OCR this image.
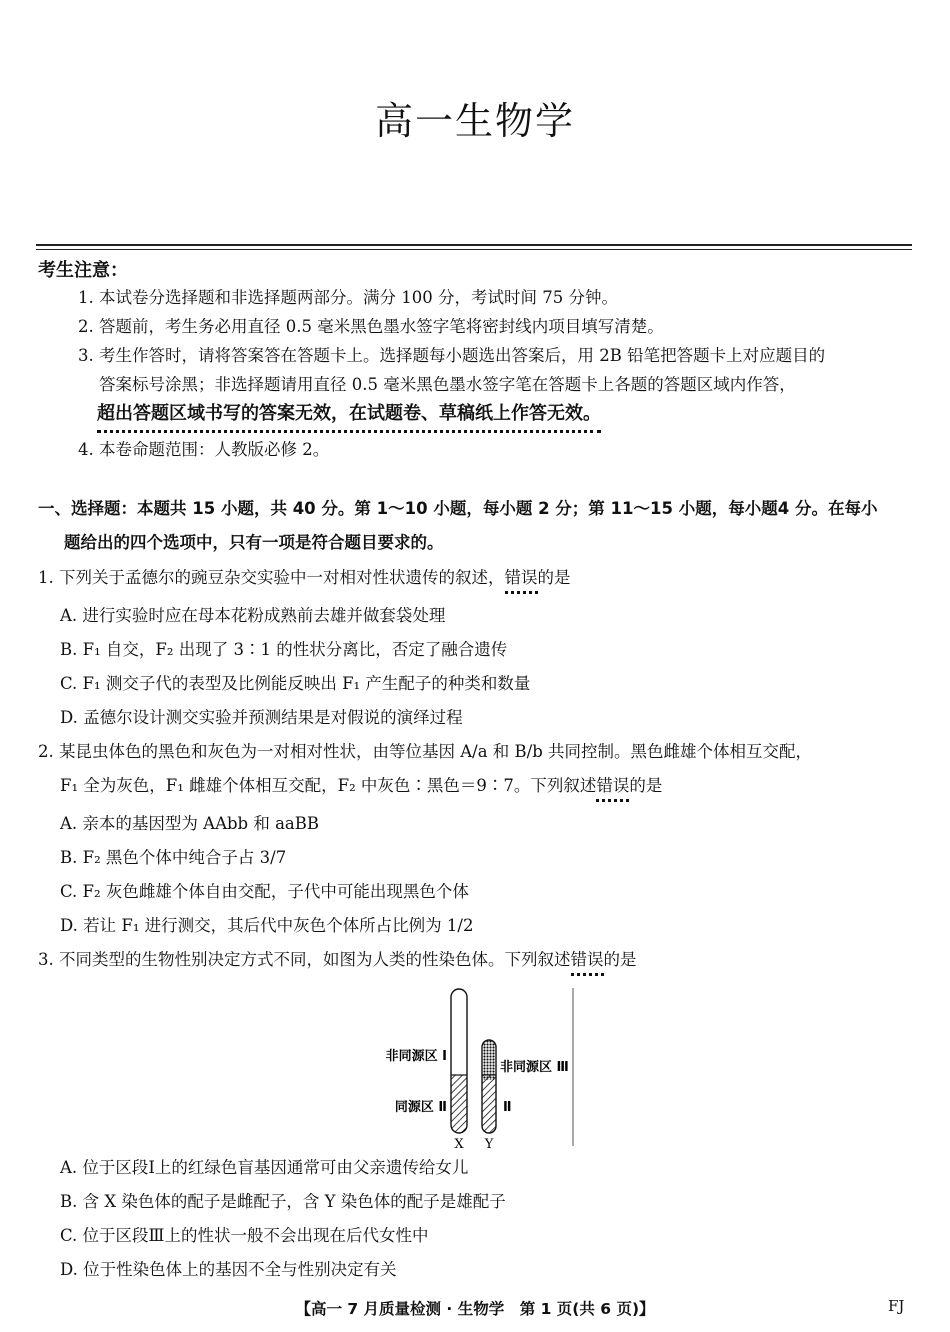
高一生物学
考生注意：
1. 本试卷分选择题和非选择题两部分。满分 100 分，考试时间 75 分钟。
2. 答题前，考生务必用直径 0.5 毫米黑色墨水签字笔将密封线内项目填写清楚。
3. 考生作答时，请将答案答在答题卡上。选择题每小题选出答案后，用 2B 铅笔把答题卡上对应题目的
答案标号涂黑；非选择题请用直径 0.5 毫米黑色墨水签字笔在答题卡上各题的答题区域内作答，
超出答题区域书写的答案无效，在试题卷、草稿纸上作答无效。
4. 本卷命题范围：人教版必修 2。
一、选择题：本题共 15 小题，共 40 分。第 1～10 小题，每小题 2 分；第 11～15 小题，每小题4 分。在每小
题给出的四个选项中，只有一项是符合题目要求的。
1. 下列关于孟德尔的豌豆杂交实验中一对相对性状遗传的叙述，错误的是
A. 进行实验时应在母本花粉成熟前去雄并做套袋处理
B. F₁ 自交，F₂ 出现了 3∶1 的性状分离比，否定了融合遗传
C. F₁ 测交子代的表型及比例能反映出 F₁ 产生配子的种类和数量
D. 孟德尔设计测交实验并预测结果是对假说的演绎过程
2. 某昆虫体色的黑色和灰色为一对相对性状，由等位基因 A/a 和 B/b 共同控制。黑色雌雄个体相互交配，
F₁ 全为灰色，F₁ 雌雄个体相互交配，F₂ 中灰色∶黑色＝9∶7。下列叙述错误的是
A. 亲本的基因型为 AAbb 和 aaBB
B. F₂ 黑色个体中纯合子占 3/7
C. F₂ 灰色雌雄个体自由交配，子代中可能出现黑色个体
D. 若让 F₁ 进行测交，其后代中灰色个体所占比例为 1/2
3. 不同类型的生物性别决定方式不同，如图为人类的性染色体。下列叙述错误的是
非同源区 Ⅰ
同源区 Ⅱ
非同源区 Ⅲ
Ⅱ
X Y
A. 位于区段Ⅰ上的红绿色盲基因通常可由父亲遗传给女儿
B. 含 X 染色体的配子是雌配子，含 Y 染色体的配子是雄配子
C. 位于区段Ⅲ上的性状一般不会出现在后代女性中
D. 位于性染色体上的基因不全与性别决定有关
【高一 7 月质量检测 · 生物学　第 1 页(共 6 页)】	FJ
